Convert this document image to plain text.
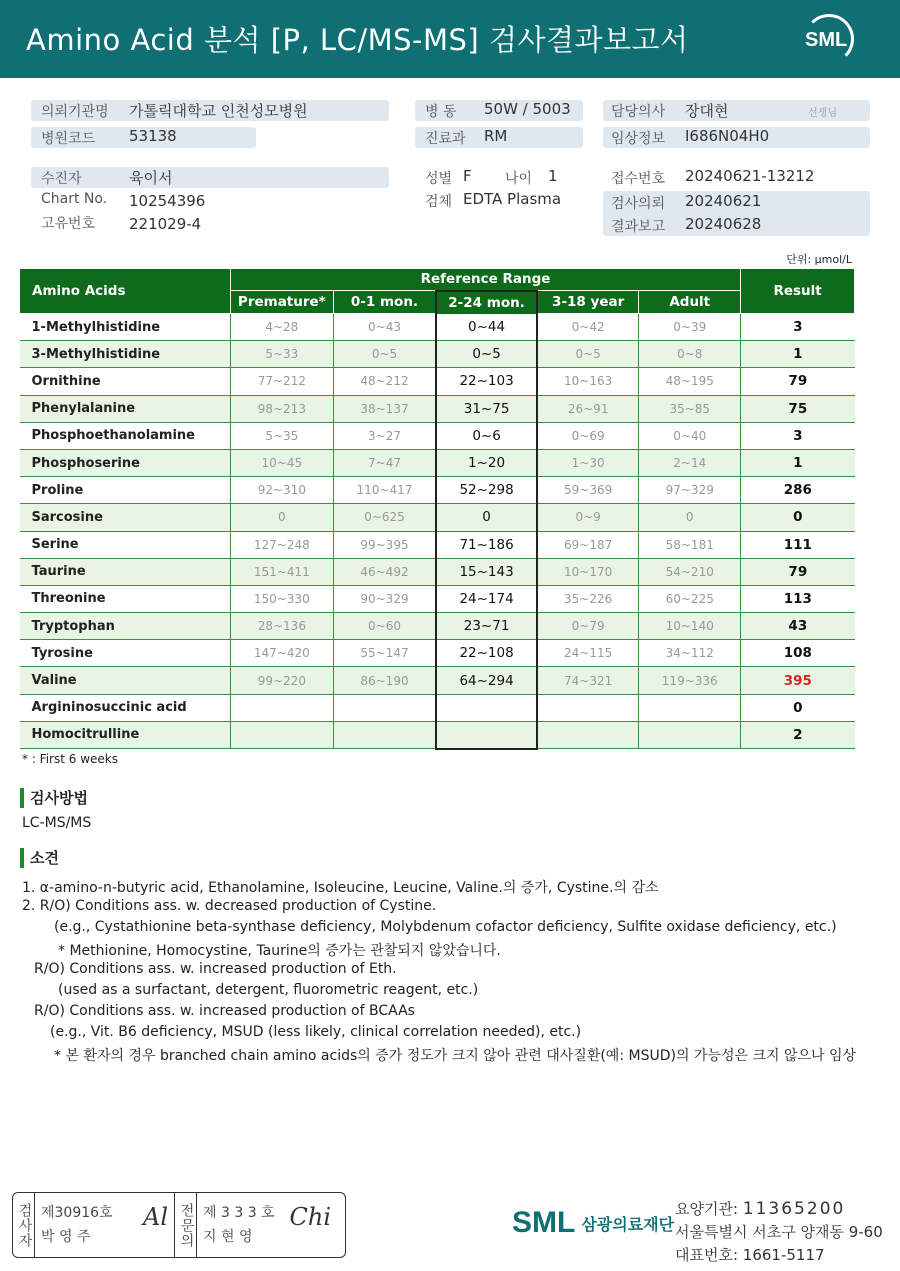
Amino Acid 분석 [P, LC/MS-MS] 검사결과보고서	SML
의뢰기관명 가톨릭대학교 인천성모병원
병원코드 53138
병 동 50W / 5003
진료과 RM
담당의사 장대현	선생님
임상정보 I686N04H0
수진자	육이서
Chart No. 10254396
고유번호 221029-4
성별 F 나이 1
검체 EDTA Plasma
접수번호 20240621-13212
검사의뢰 20240621
결과보고 20240628
단위: μmol/L
Amino Acids	Reference Range					Result
	Premature*	0-1 mon.	2-24 mon.	3-18 year	Adult	
1-Methylhistidine	4~28	0~43	0~44	0~42	0~39	3
3-Methylhistidine	5~33	0~5	0~5	0~5	0~8	1
Ornithine	77~212	48~212	22~103	10~163	48~195	79
Phenylalanine	98~213	38~137	31~75	26~91	35~85	75
Phosphoethanolamine	5~35	3~27	0~6	0~69	0~40	3
Phosphoserine	10~45	7~47	1~20	1~30	2~14	1
Proline	92~310	110~417	52~298	59~369	97~329	286
Sarcosine	0	0~625	0	0~9	0	0
Serine	127~248	99~395	71~186	69~187	58~181	111
Taurine	151~411	46~492	15~143	10~170	54~210	79
Threonine	150~330	90~329	24~174	35~226	60~225	113
Tryptophan	28~136	0~60	23~71	0~79	10~140	43
Tyrosine	147~420	55~147	22~108	24~115	34~112	108
Valine	99~220	86~190	64~294	74~321	119~336	395
Argininosuccinic acid						0
Homocitrulline						2
* : First 6 weeks
검사방법
LC-MS/MS
소견
1. α-amino-n-butyric acid, Ethanolamine, Isoleucine, Leucine, Valine.의 증가, Cystine.의 감소
2. R/O) Conditions ass. w. decreased production of Cystine.
(e.g., Cystathionine beta-synthase deficiency, Molybdenum cofactor deficiency, Sulfite oxidase deficiency, etc.)
* Methionine, Homocystine, Taurine의 증가는 관찰되지 않았습니다.
R/O) Conditions ass. w. increased production of Eth.
(used as a surfactant, detergent, fluorometric reagent, etc.)
R/O) Conditions ass. w. increased production of BCAAs
(e.g., Vit. B6 deficiency, MSUD (less likely, clinical correlation needed), etc.)
* 본 환자의 경우 branched chain amino acids의 증가 정도가 크지 않아 관련 대사질환(예: MSUD)의 가능성은 크지 않으나 임상
검사자 제30916호
박 영 주
Al 전문의 제 3 3 3 호
지 현 영
Chi	SML 삼광의료재단
요양기관: 11365200
서울특별시 서초구 양재동 9-60
대표번호: 1661-5117
